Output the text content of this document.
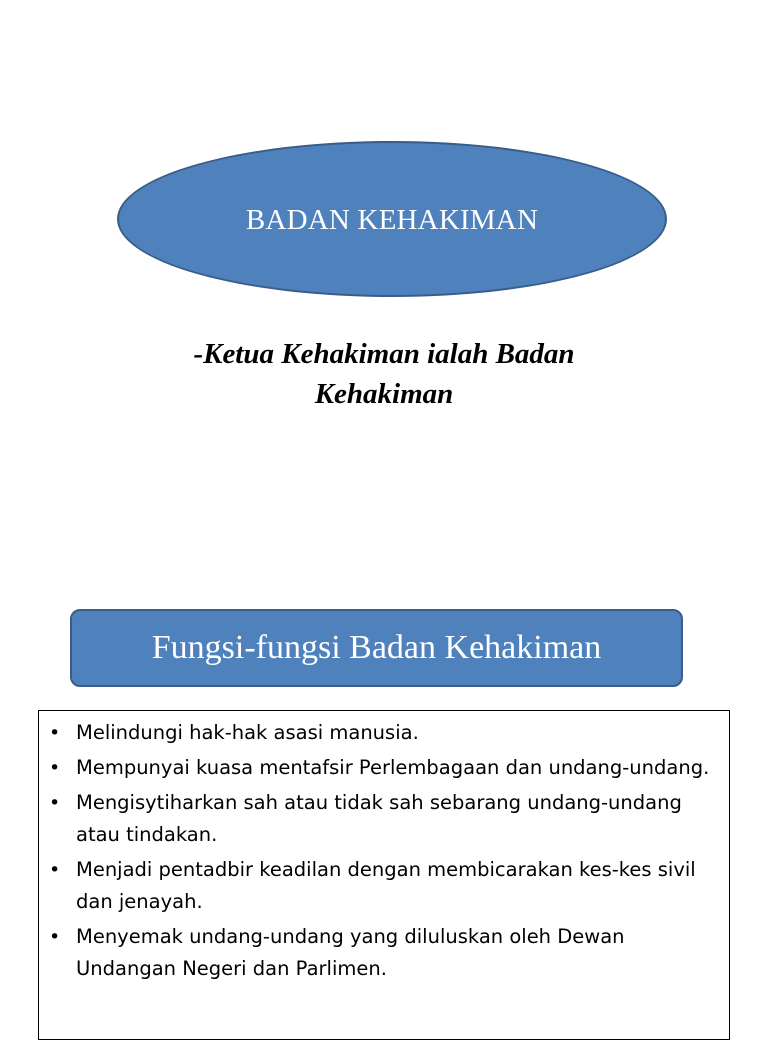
BADAN KEHAKIMAN
-Ketua Kehakiman ialah Badan
Kehakiman
Fungsi-fungsi Badan Kehakiman
• Melindungi hak-hak asasi manusia.
• Mempunyai kuasa mentafsir Perlembagaan dan undang-undang.
• Mengisytiharkan sah atau tidak sah sebarang undang-undang atau tindakan.
• Menjadi pentadbir keadilan dengan membicarakan kes-kes sivil dan jenayah.
• Menyemak undang-undang yang diluluskan oleh Dewan Undangan Negeri dan Parlimen.
